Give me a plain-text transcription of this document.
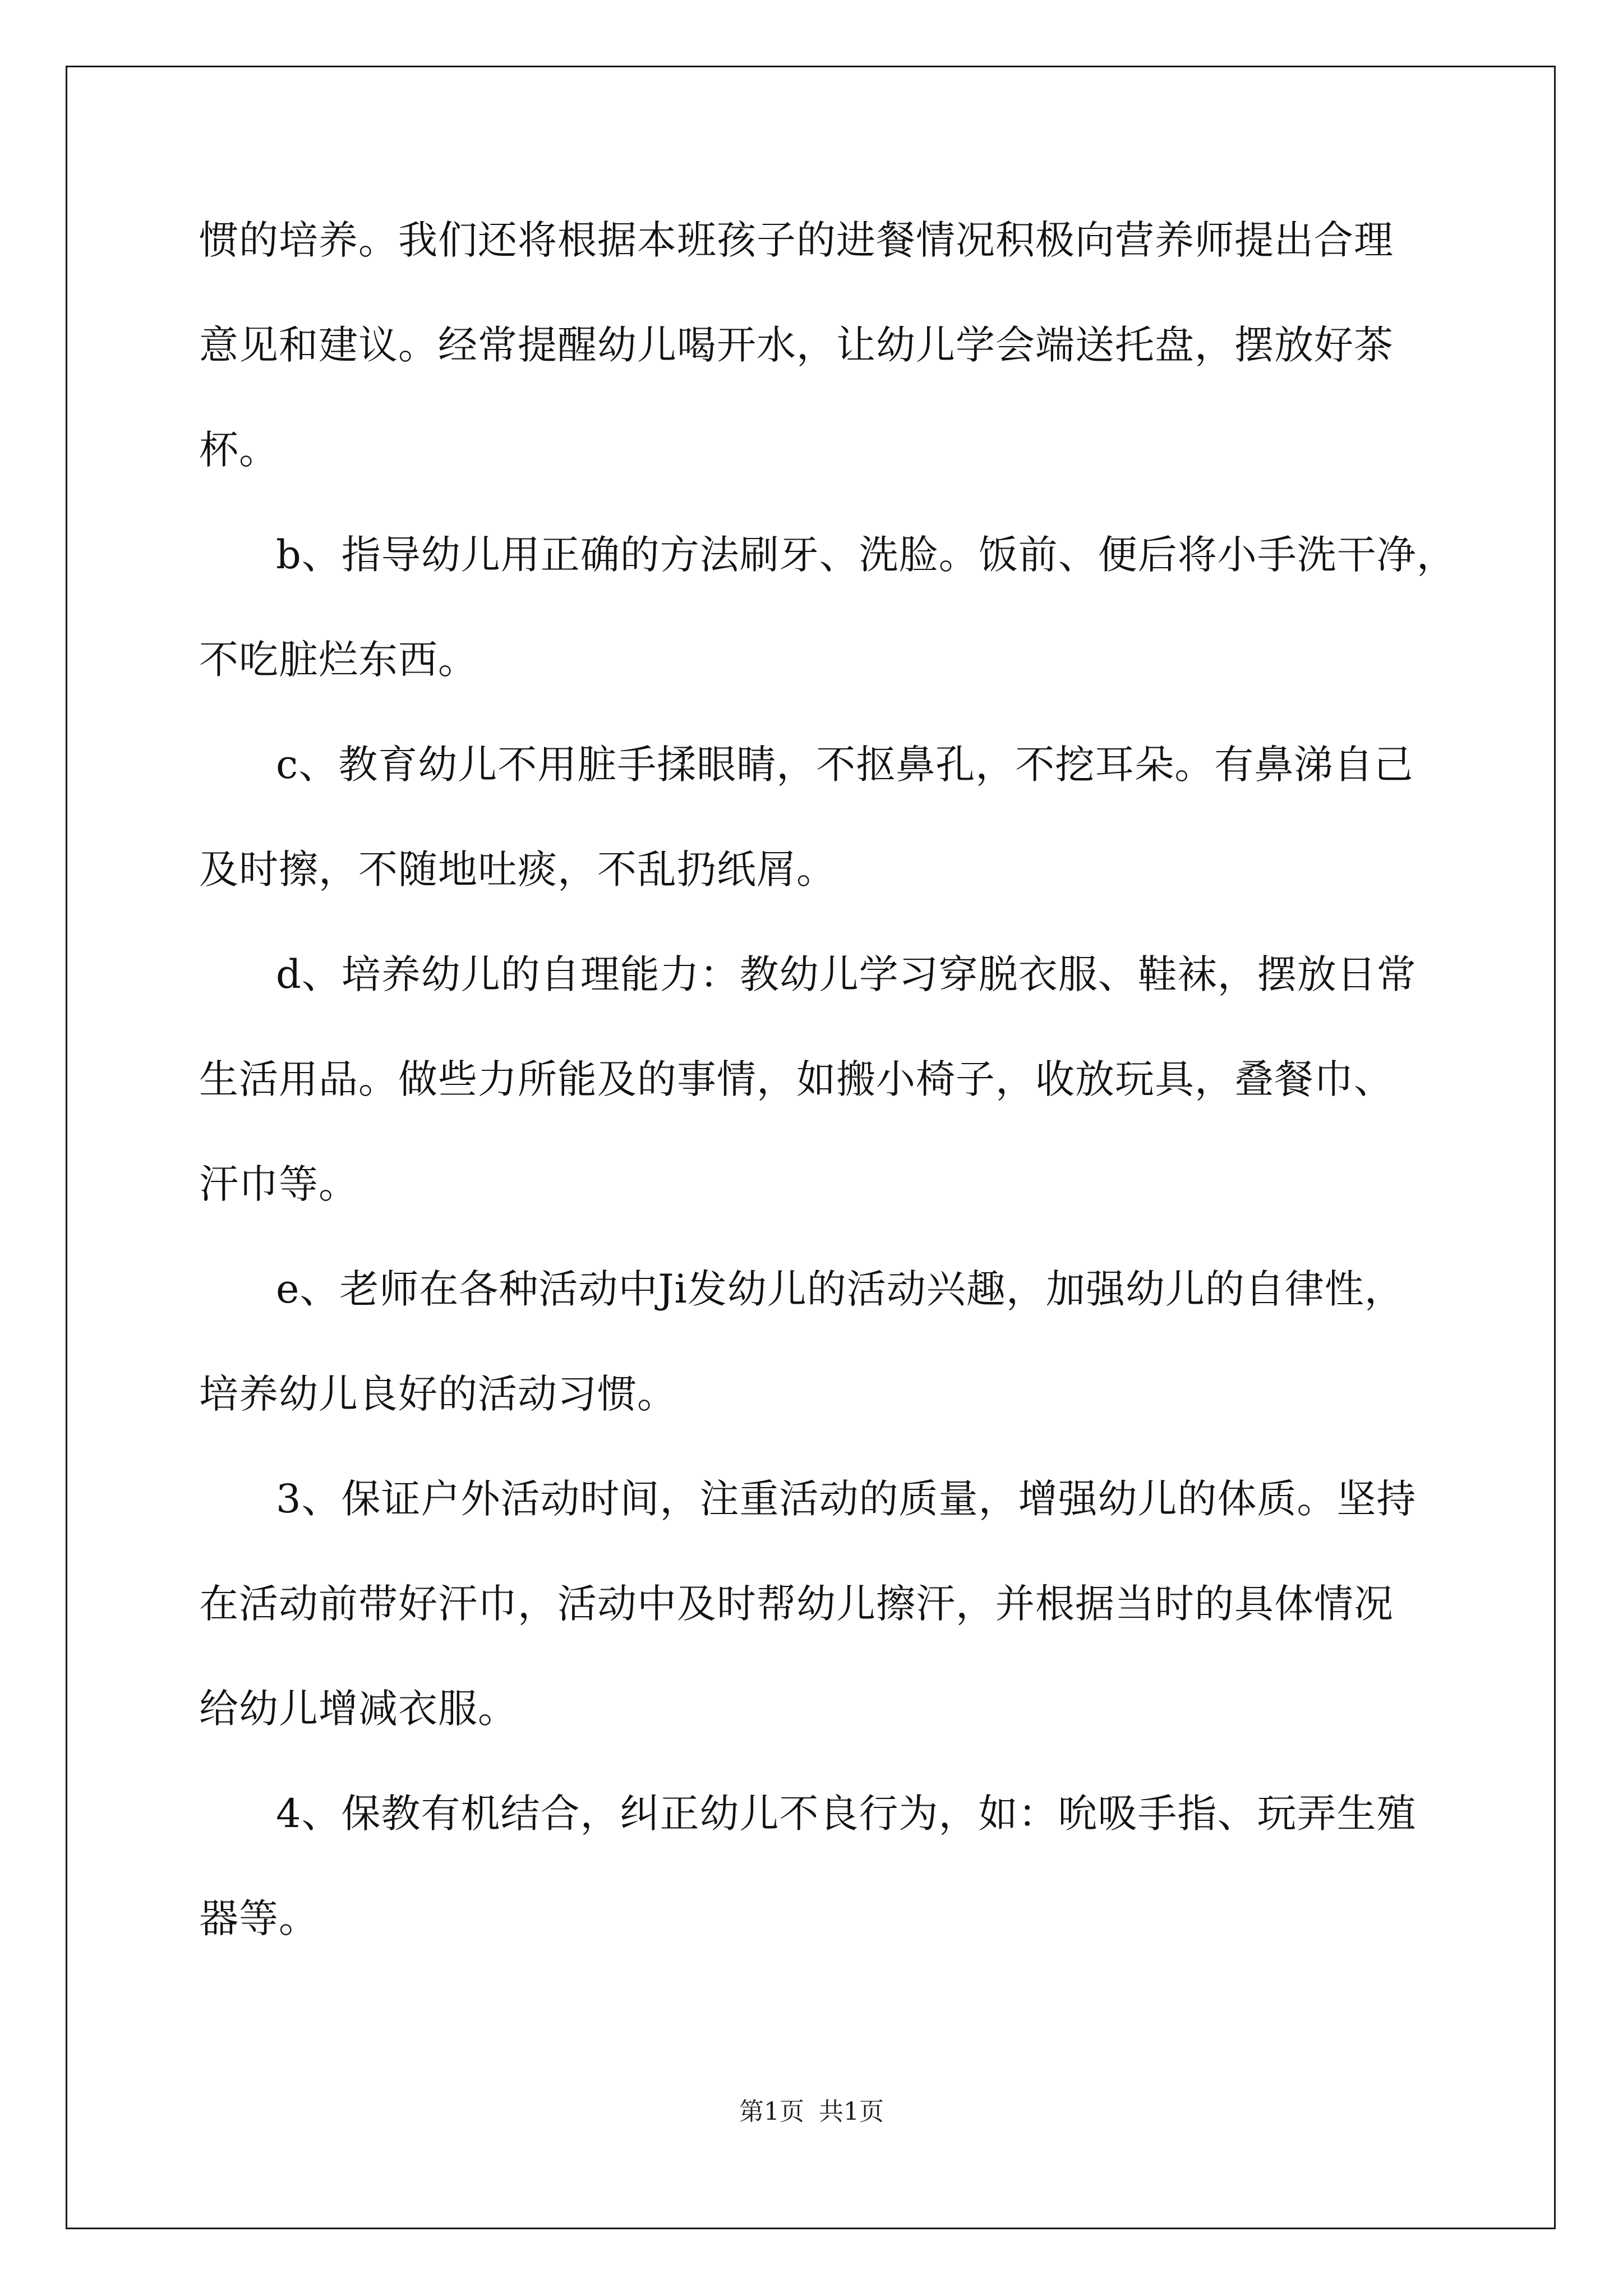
惯的培养。我们还将根据本班孩子的进餐情况积极向营养师提出合理
意见和建议。经常提醒幼儿喝开水，让幼儿学会端送托盘，摆放好茶
杯。
b、指导幼儿用正确的方法刷牙、洗脸。饭前、便后将小手洗干净，
不吃脏烂东西。
c、教育幼儿不用脏手揉眼睛，不抠鼻孔，不挖耳朵。有鼻涕自己
及时擦，不随地吐痰，不乱扔纸屑。
d、培养幼儿的自理能力：教幼儿学习穿脱衣服、鞋袜，摆放日常
生活用品。做些力所能及的事情，如搬小椅子，收放玩具，叠餐巾、
汗巾等。
e、老师在各种活动中Ji发幼儿的活动兴趣，加强幼儿的自律性，
培养幼儿良好的活动习惯。
3、保证户外活动时间，注重活动的质量，增强幼儿的体质。坚持
在活动前带好汗巾，活动中及时帮幼儿擦汗，并根据当时的具体情况
给幼儿增减衣服。
4、保教有机结合，纠正幼儿不良行为，如：吮吸手指、玩弄生殖
器等。
第1页 共1页
